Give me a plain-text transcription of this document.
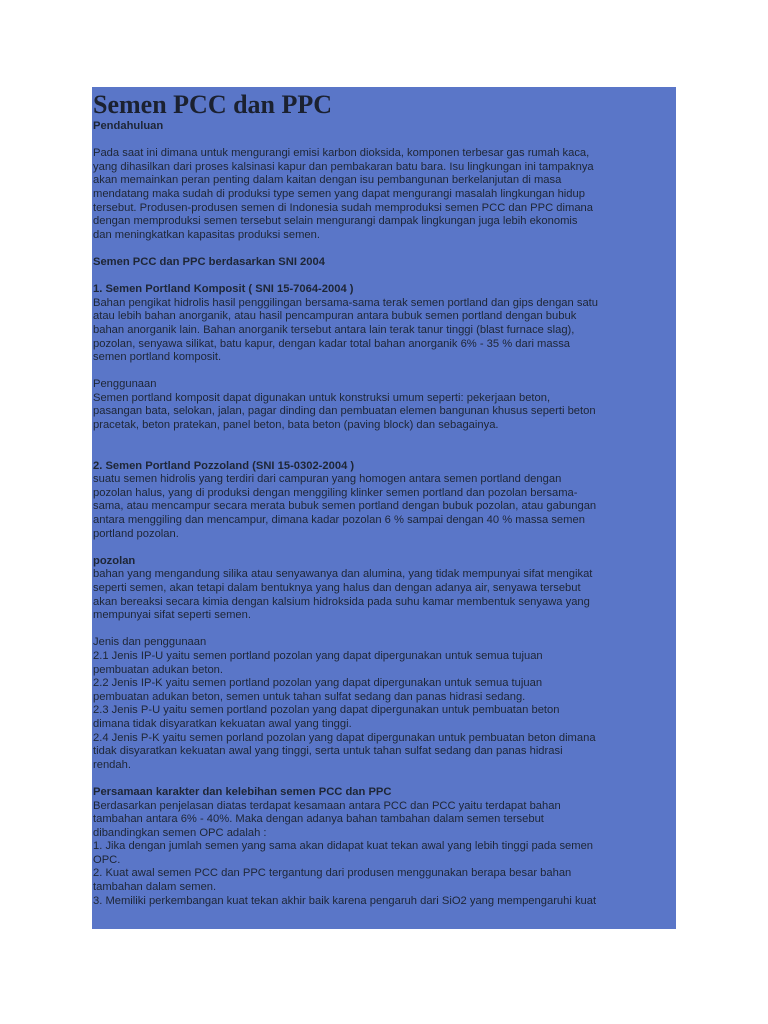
Semen PCC dan PPC

Pendahuluan

Pada saat ini dimana untuk mengurangi emisi karbon dioksida, komponen terbesar gas rumah kaca,
yang dihasilkan dari proses kalsinasi kapur dan pembakaran batu bara. Isu lingkungan ini tampaknya
akan memainkan peran penting dalam kaitan dengan isu pembangunan berkelanjutan di masa
mendatang maka sudah di produksi type semen yang dapat mengurangi masalah lingkungan hidup
tersebut. Produsen-produsen semen di Indonesia sudah memproduksi semen PCC dan PPC dimana
dengan memproduksi semen tersebut selain mengurangi dampak lingkungan juga lebih ekonomis
dan meningkatkan kapasitas produksi semen.

Semen PCC dan PPC berdasarkan SNI 2004

1. Semen Portland Komposit ( SNI 15-7064-2004 )

Bahan pengikat hidrolis hasil penggilingan bersama-sama terak semen portland dan gips dengan satu
atau lebih bahan anorganik, atau hasil pencampuran antara bubuk semen portland dengan bubuk
bahan anorganik lain. Bahan anorganik tersebut antara lain terak tanur tinggi (blast furnace slag),
pozolan, senyawa silikat, batu kapur, dengan kadar total bahan anorganik 6% - 35 % dari massa
semen portland komposit.

Penggunaan

Semen portland komposit dapat digunakan untuk konstruksi umum seperti: pekerjaan beton,
pasangan bata, selokan, jalan, pagar dinding dan pembuatan elemen bangunan khusus seperti beton
pracetak, beton pratekan, panel beton, bata beton (paving block) dan sebagainya.

2. Semen Portland Pozzoland (SNI 15-0302-2004 )

suatu semen hidrolis yang terdiri dari campuran yang homogen antara semen portland dengan
pozolan halus, yang di produksi dengan menggiling klinker semen portland dan pozolan bersama-
sama, atau mencampur secara merata bubuk semen portland dengan bubuk pozolan, atau gabungan
antara menggiling dan mencampur, dimana kadar pozolan 6 % sampai dengan 40 % massa semen
portland pozolan.

pozolan

bahan yang mengandung silika atau senyawanya dan alumina, yang tidak mempunyai sifat mengikat
seperti semen, akan tetapi dalam bentuknya yang halus dan dengan adanya air, senyawa tersebut
akan bereaksi secara kimia dengan kalsium hidroksida pada suhu kamar membentuk senyawa yang
mempunyai sifat seperti semen.

Jenis dan penggunaan
2.1 Jenis IP-U yaitu semen portland pozolan yang dapat dipergunakan untuk semua tujuan
pembuatan adukan beton.
2.2 Jenis IP-K yaitu semen portland pozolan yang dapat dipergunakan untuk semua tujuan
pembuatan adukan beton, semen untuk tahan sulfat sedang dan panas hidrasi sedang.
2.3 Jenis P-U yaitu semen portland pozolan yang dapat dipergunakan untuk pembuatan beton
dimana tidak disyaratkan kekuatan awal yang tinggi.
2.4 Jenis P-K yaitu semen porland pozolan yang dapat dipergunakan untuk pembuatan beton dimana
tidak disyaratkan kekuatan awal yang tinggi, serta untuk tahan sulfat sedang dan panas hidrasi
rendah.

Persamaan karakter dan kelebihan semen PCC dan PPC

Berdasarkan penjelasan diatas terdapat kesamaan antara PCC dan PCC yaitu terdapat bahan
tambahan antara 6% - 40%. Maka dengan adanya bahan tambahan dalam semen tersebut
dibandingkan semen OPC adalah :
1. Jika dengan jumlah semen yang sama akan didapat kuat tekan awal yang lebih tinggi pada semen
OPC.
2. Kuat awal semen PCC dan PPC tergantung dari produsen menggunakan berapa besar bahan
tambahan dalam semen.
3. Memiliki perkembangan kuat tekan akhir baik karena pengaruh dari SiO2 yang mempengaruhi kuat
